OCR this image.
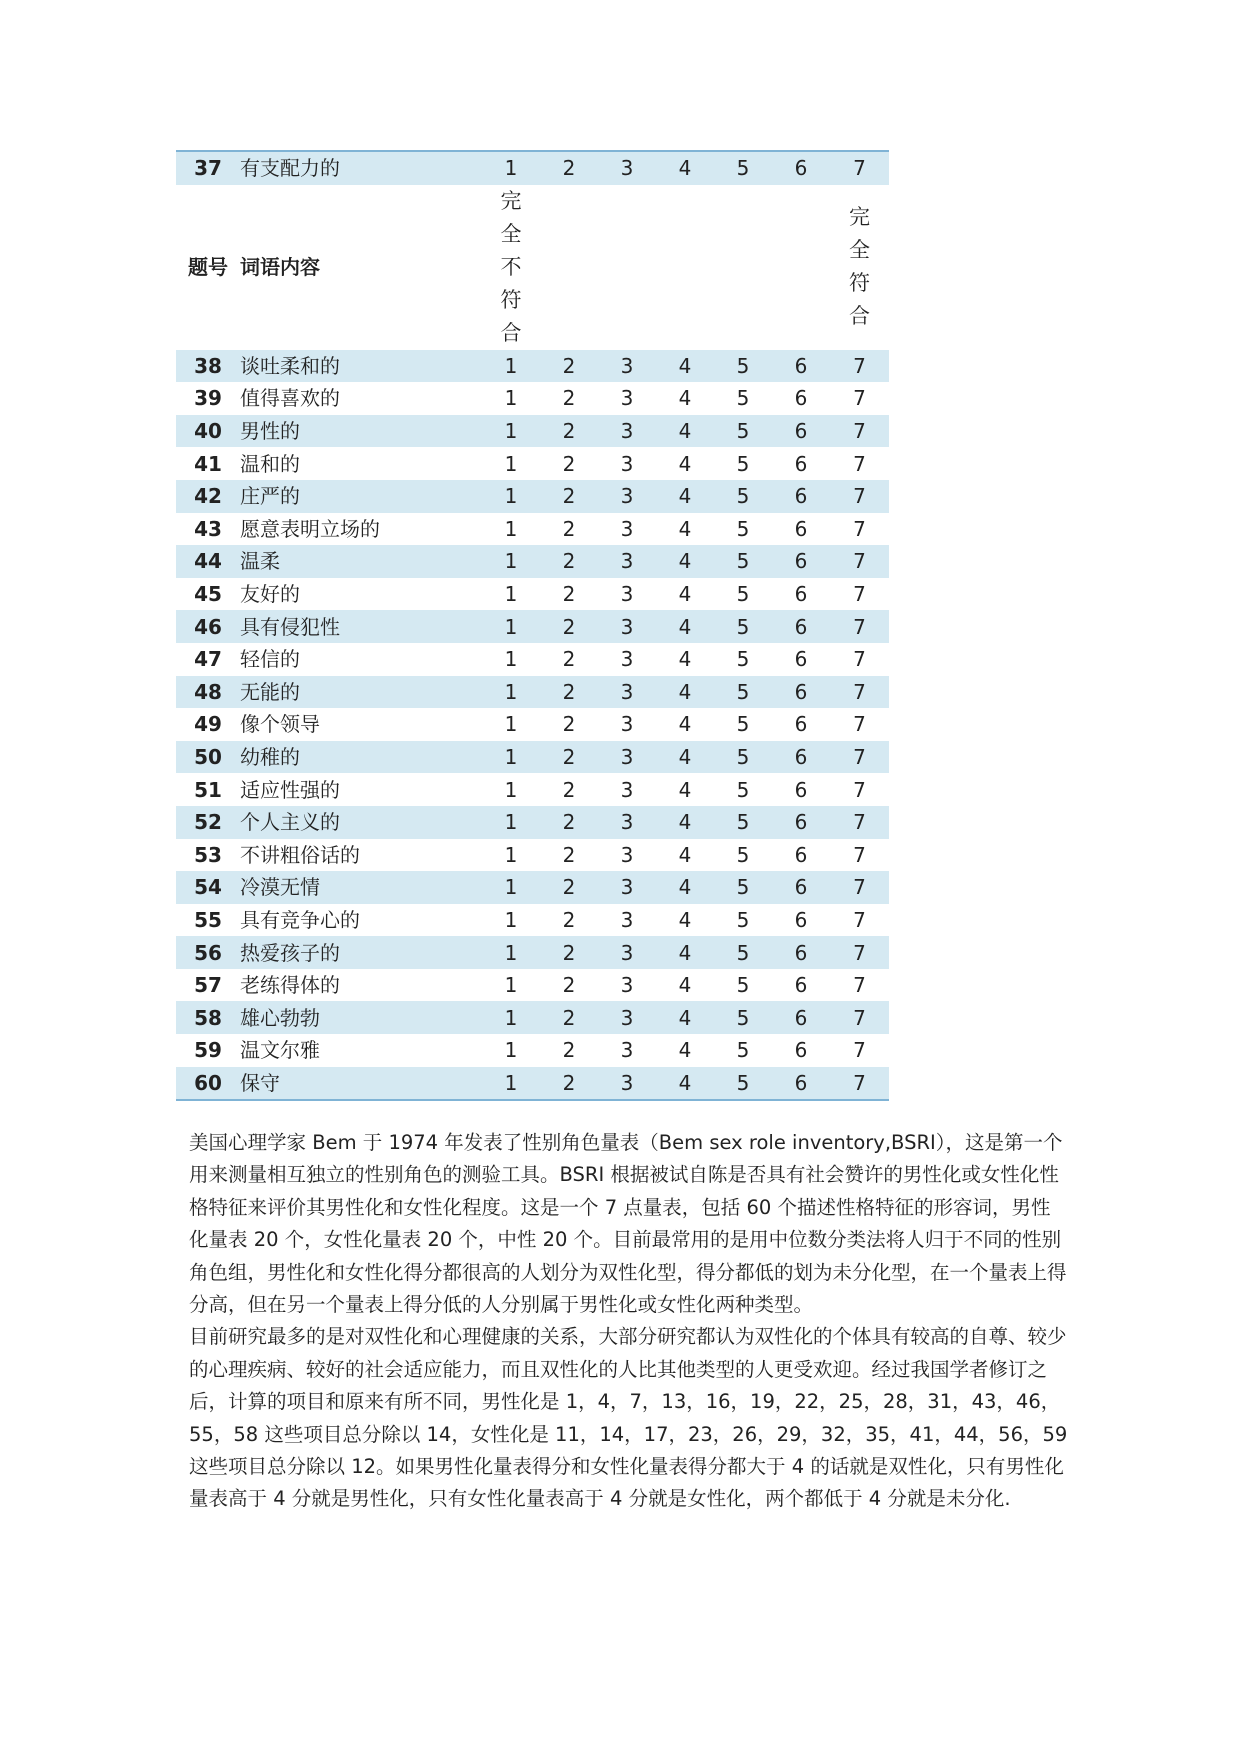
37	有支配力的	1	2	3	4	5	6	7
题号	词语内容	完全不符合						完全符合

38	谈吐柔和的	1	2	3	4	5	6	7
39	值得喜欢的	1	2	3	4	5	6	7
40	男性的	1	2	3	4	5	6	7
41	温和的	1	2	3	4	5	6	7
42	庄严的	1	2	3	4	5	6	7
43	愿意表明立场的	1	2	3	4	5	6	7
44	温柔	1	2	3	4	5	6	7
45	友好的	1	2	3	4	5	6	7
46	具有侵犯性	1	2	3	4	5	6	7
47	轻信的	1	2	3	4	5	6	7
48	无能的	1	2	3	4	5	6	7
49	像个领导	1	2	3	4	5	6	7
50	幼稚的	1	2	3	4	5	6	7
51	适应性强的	1	2	3	4	5	6	7
52	个人主义的	1	2	3	4	5	6	7
53	不讲粗俗话的	1	2	3	4	5	6	7
54	冷漠无情	1	2	3	4	5	6	7
55	具有竞争心的	1	2	3	4	5	6	7
56	热爱孩子的	1	2	3	4	5	6	7
57	老练得体的	1	2	3	4	5	6	7
58	雄心勃勃	1	2	3	4	5	6	7
59	温文尔雅	1	2	3	4	5	6	7
60	保守	1	2	3	4	5	6	7

美国心理学家 Bem 于 1974 年发表了性别角色量表（Bem sex role inventory,BSRI），这是第一个用来测量相互独立的性别角色的测验工具。BSRI 根据被试自陈是否具有社会赞许的男性化或女性化性格特征来评价其男性化和女性化程度。这是一个 7 点量表，包括 60 个描述性格特征的形容词，男性化量表 20 个，女性化量表 20 个，中性 20 个。目前最常用的是用中位数分类法将人归于不同的性别角色组，男性化和女性化得分都很高的人划分为双性化型，得分都低的划为未分化型，在一个量表上得分高，但在另一个量表上得分低的人分别属于男性化或女性化两种类型。

目前研究最多的是对双性化和心理健康的关系，大部分研究都认为双性化的个体具有较高的自尊、较少的心理疾病、较好的社会适应能力，而且双性化的人比其他类型的人更受欢迎。经过我国学者修订之后，计算的项目和原来有所不同，男性化是 1，4，7，13，16，19，22，25，28，31，43，46，55，58 这些项目总分除以 14，女性化是 11，14，17，23，26，29，32，35，41，44，56，59 这些项目总分除以 12。如果男性化量表得分和女性化量表得分都大于 4 的话就是双性化，只有男性化量表高于 4 分就是男性化，只有女性化量表高于 4 分就是女性化，两个都低于 4 分就是未分化.
